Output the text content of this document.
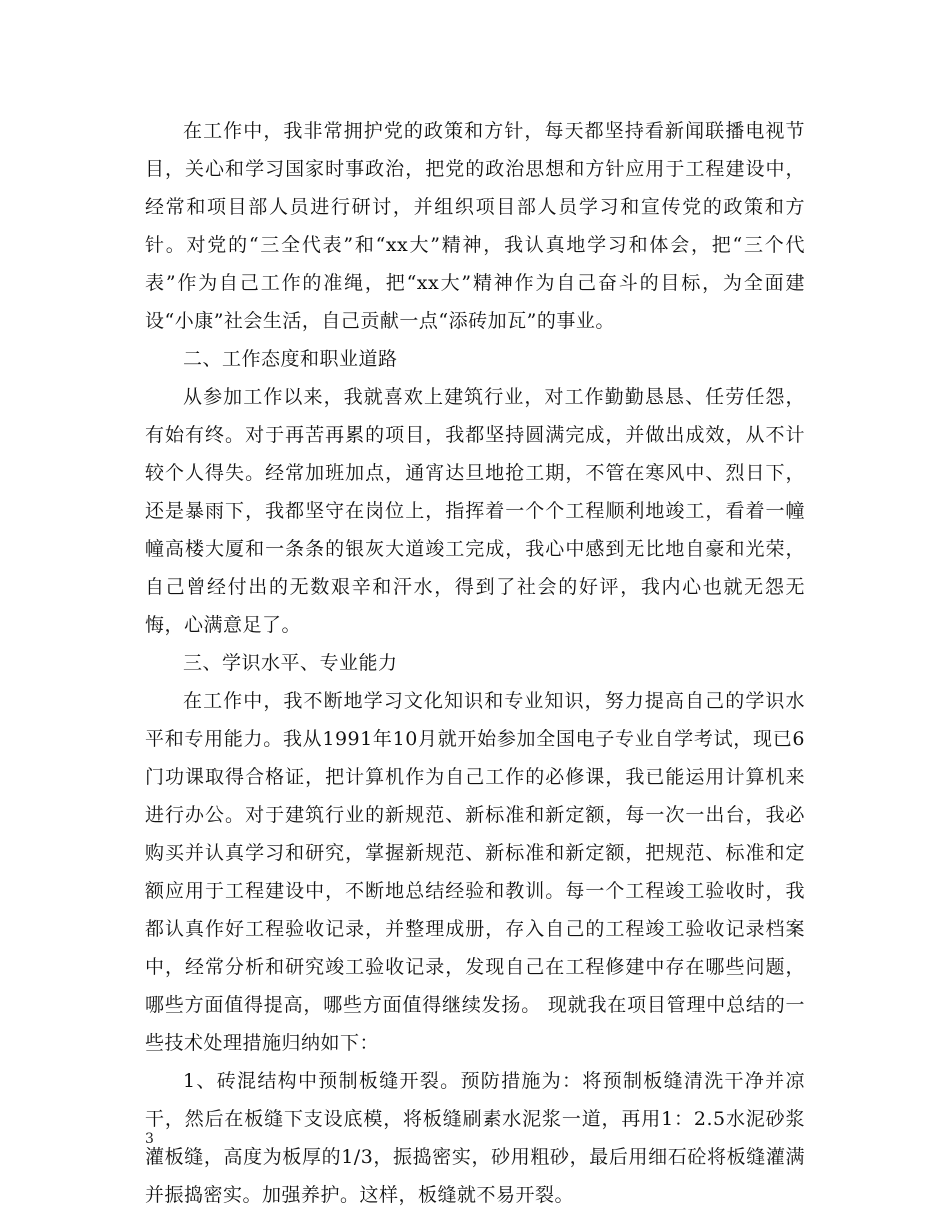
在工作中，我非常拥护党的政策和方针，每天都坚持看新闻联播电视节目，关心和学习国家时事政治，把党的政治思想和方针应用于工程建设中，经常和项目部人员进行研讨，并组织项目部人员学习和宣传党的政策和方针。对党的“三全代表”和“xx大”精神，我认真地学习和体会，把“三个代表”作为自己工作的准绳，把“xx大”精神作为自己奋斗的目标，为全面建设“小康”社会生活，自己贡献一点“添砖加瓦”的事业。

二、工作态度和职业道路

从参加工作以来，我就喜欢上建筑行业，对工作勤勤恳恳、任劳任怨，有始有终。对于再苦再累的项目，我都坚持圆满完成，并做出成效，从不计较个人得失。经常加班加点，通宵达旦地抢工期，不管在寒风中、烈日下，还是暴雨下，我都坚守在岗位上，指挥着一个个工程顺利地竣工，看着一幢幢高楼大厦和一条条的银灰大道竣工完成，我心中感到无比地自豪和光荣，自己曾经付出的无数艰辛和汗水，得到了社会的好评，我内心也就无怨无悔，心满意足了。

三、学识水平、专业能力

在工作中，我不断地学习文化知识和专业知识，努力提高自己的学识水平和专用能力。我从1991年10月就开始参加全国电子专业自学考试，现已6门功课取得合格证，把计算机作为自己工作的必修课，我已能运用计算机来进行办公。对于建筑行业的新规范、新标准和新定额，每一次一出台，我必购买并认真学习和研究，掌握新规范、新标准和新定额，把规范、标准和定额应用于工程建设中，不断地总结经验和教训。每一个工程竣工验收时，我都认真作好工程验收记录，并整理成册，存入自己的工程竣工验收记录档案中，经常分析和研究竣工验收记录，发现自己在工程修建中存在哪些问题，哪些方面值得提高，哪些方面值得继续发扬。 现就我在项目管理中总结的一些技术处理措施归纳如下：

1、砖混结构中预制板缝开裂。预防措施为：将预制板缝清洗干净并凉干，然后在板缝下支设底模，将板缝刷素水泥浆一道，再用1：2.5水泥砂浆灌板缝，高度为板厚的1/3，振捣密实，砂用粗砂，最后用细石砼将板缝灌满并振捣密实。加强养护。这样，板缝就不易开裂。

3
